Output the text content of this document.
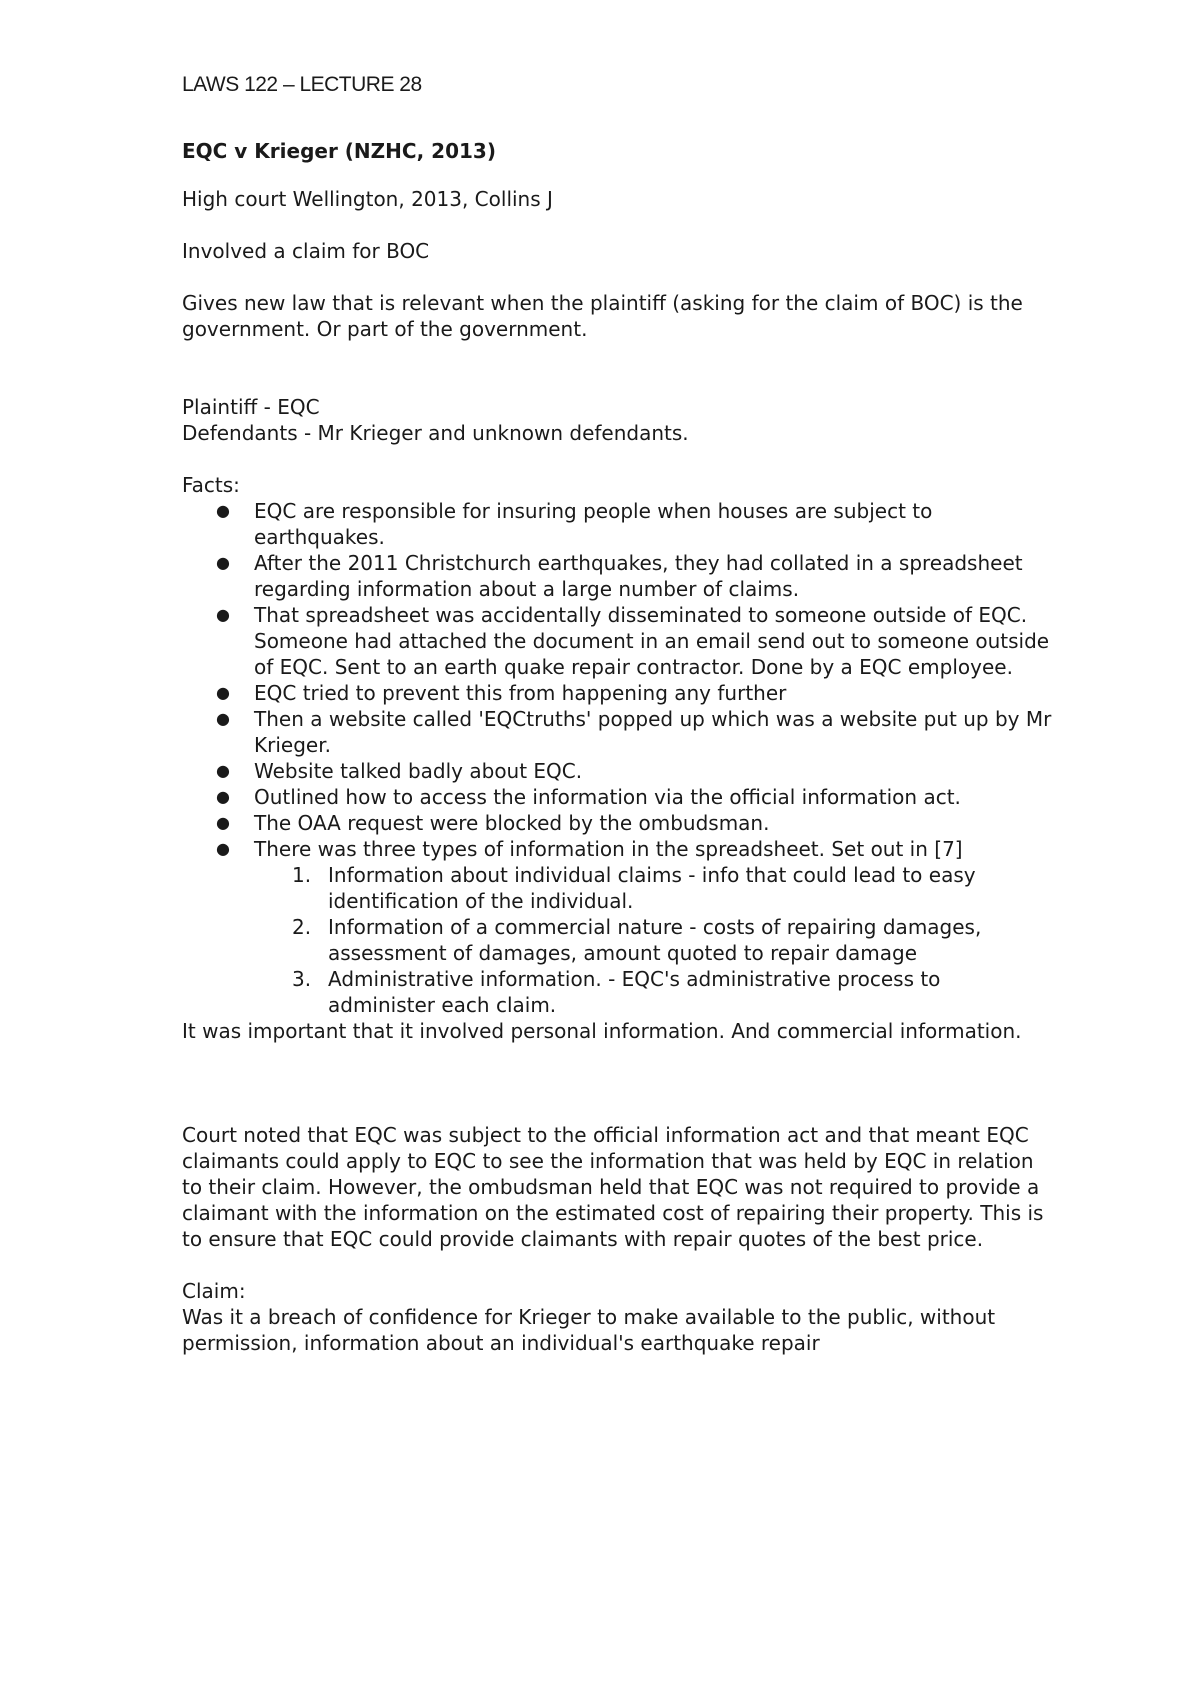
LAWS 122 – LECTURE 28
EQC v Krieger (NZHC, 2013)

High court Wellington, 2013, Collins J

Involved a claim for BOC

Gives new law that is relevant when the plaintiff (asking for the claim of BOC) is the government. Or part of the government.

Plaintiff - EQC

Defendants - Mr Krieger and unknown defendants.

Facts:

● EQC are responsible for insuring people when houses are subject to earthquakes.
● After the 2011 Christchurch earthquakes, they had collated in a spreadsheet regarding information about a large number of claims.
● That spreadsheet was accidentally disseminated to someone outside of EQC. Someone had attached the document in an email send out to someone outside of EQC. Sent to an earth quake repair contractor. Done by a EQC employee.
● EQC tried to prevent this from happening any further
● Then a website called 'EQCtruths' popped up which was a website put up by Mr Krieger.
● Website talked badly about EQC.
● Outlined how to access the information via the official information act.
● The OAA request were blocked by the ombudsman.
● There was three types of information in the spreadsheet. Set out in [7]
1. Information about individual claims - info that could lead to easy identification of the individual.
2. Information of a commercial nature - costs of repairing damages, assessment of damages, amount quoted to repair damage
3. Administrative information. - EQC's administrative process to administer each claim.

It was important that it involved personal information. And commercial information.

Court noted that EQC was subject to the official information act and that meant EQC claimants could apply to EQC to see the information that was held by EQC in relation to their claim. However, the ombudsman held that EQC was not required to provide a claimant with the information on the estimated cost of repairing their property. This is to ensure that EQC could provide claimants with repair quotes of the best price.

Claim:

Was it a breach of confidence for Krieger to make available to the public, without permission, information about an individual's earthquake repair
